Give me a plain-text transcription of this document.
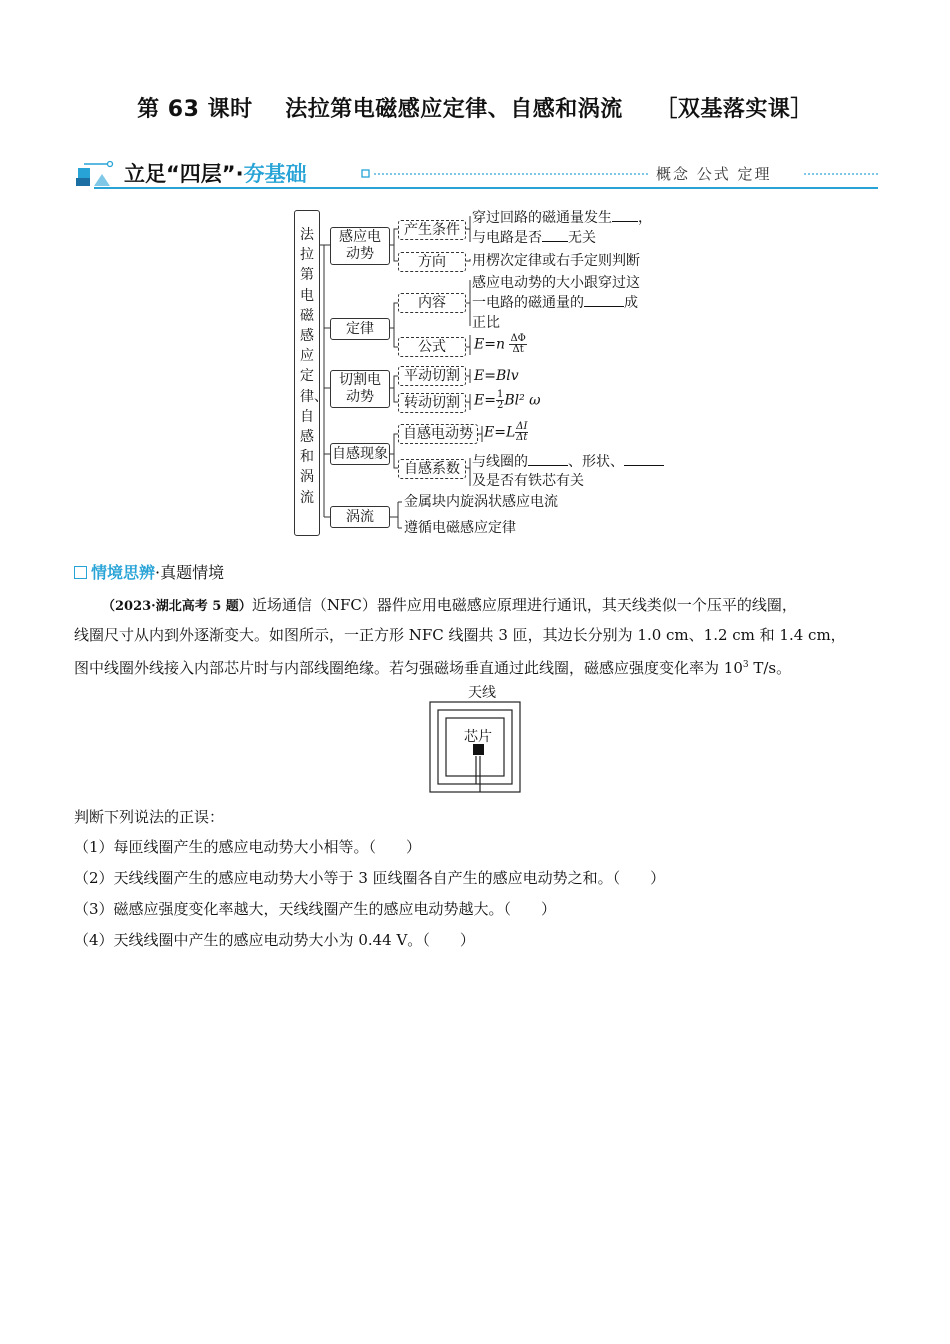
第 63 课时    法拉第电磁感应定律、自感和涡流    ［双基落实课］
立足“四层”·夯基础	概念 公式 定理
法拉第电磁感应定律、自感和涡流
感应电动势
产生条件
穿过回路的磁通量发生 ，
与电路是否 无关
方向	用楞次定律或右手定则判断
定律
内容
感应电动势的大小跟穿过这
一电路的磁通量的	成
正比
公式	$E=n \frac{\Delta\Phi}{\Delta t}$
切割电动势
平动切割	E=Blv
转动切割	$E= \frac{1}{2} Bl^2$ ω
自感现象
自感电动势 $E=L \frac{\Delta I}{\Delta t}$
自感系数 与线圈的	、形状、
及是否有铁芯有关
涡流
金属块内旋涡状感应电流
遵循电磁感应定律
情境思辨·真题情境
（2023·湖北高考 5 题）近场通信（NFC）器件应用电磁感应原理进行通讯，其天线类似一个压平的线圈，
线圈尺寸从内到外逐渐变大。如图所示，一正方形 NFC 线圈共 3 匝，其边长分别为 1.0 cm、1.2 cm 和 1.4 cm，
图中线圈外线接入内部芯片时与内部线圈绝缘。若匀强磁场垂直通过此线圈，磁感应强度变化率为 $10^3$ T/s。
天线
芯片
判断下列说法的正误：
（1）每匝线圈产生的感应电动势大小相等。（　　）
（2）天线线圈产生的感应电动势大小等于 3 匝线圈各自产生的感应电动势之和。（　　）
（3）磁感应强度变化率越大，天线线圈产生的感应电动势越大。（　　）
（4）天线线圈中产生的感应电动势大小为 0.44 V。（　　）
